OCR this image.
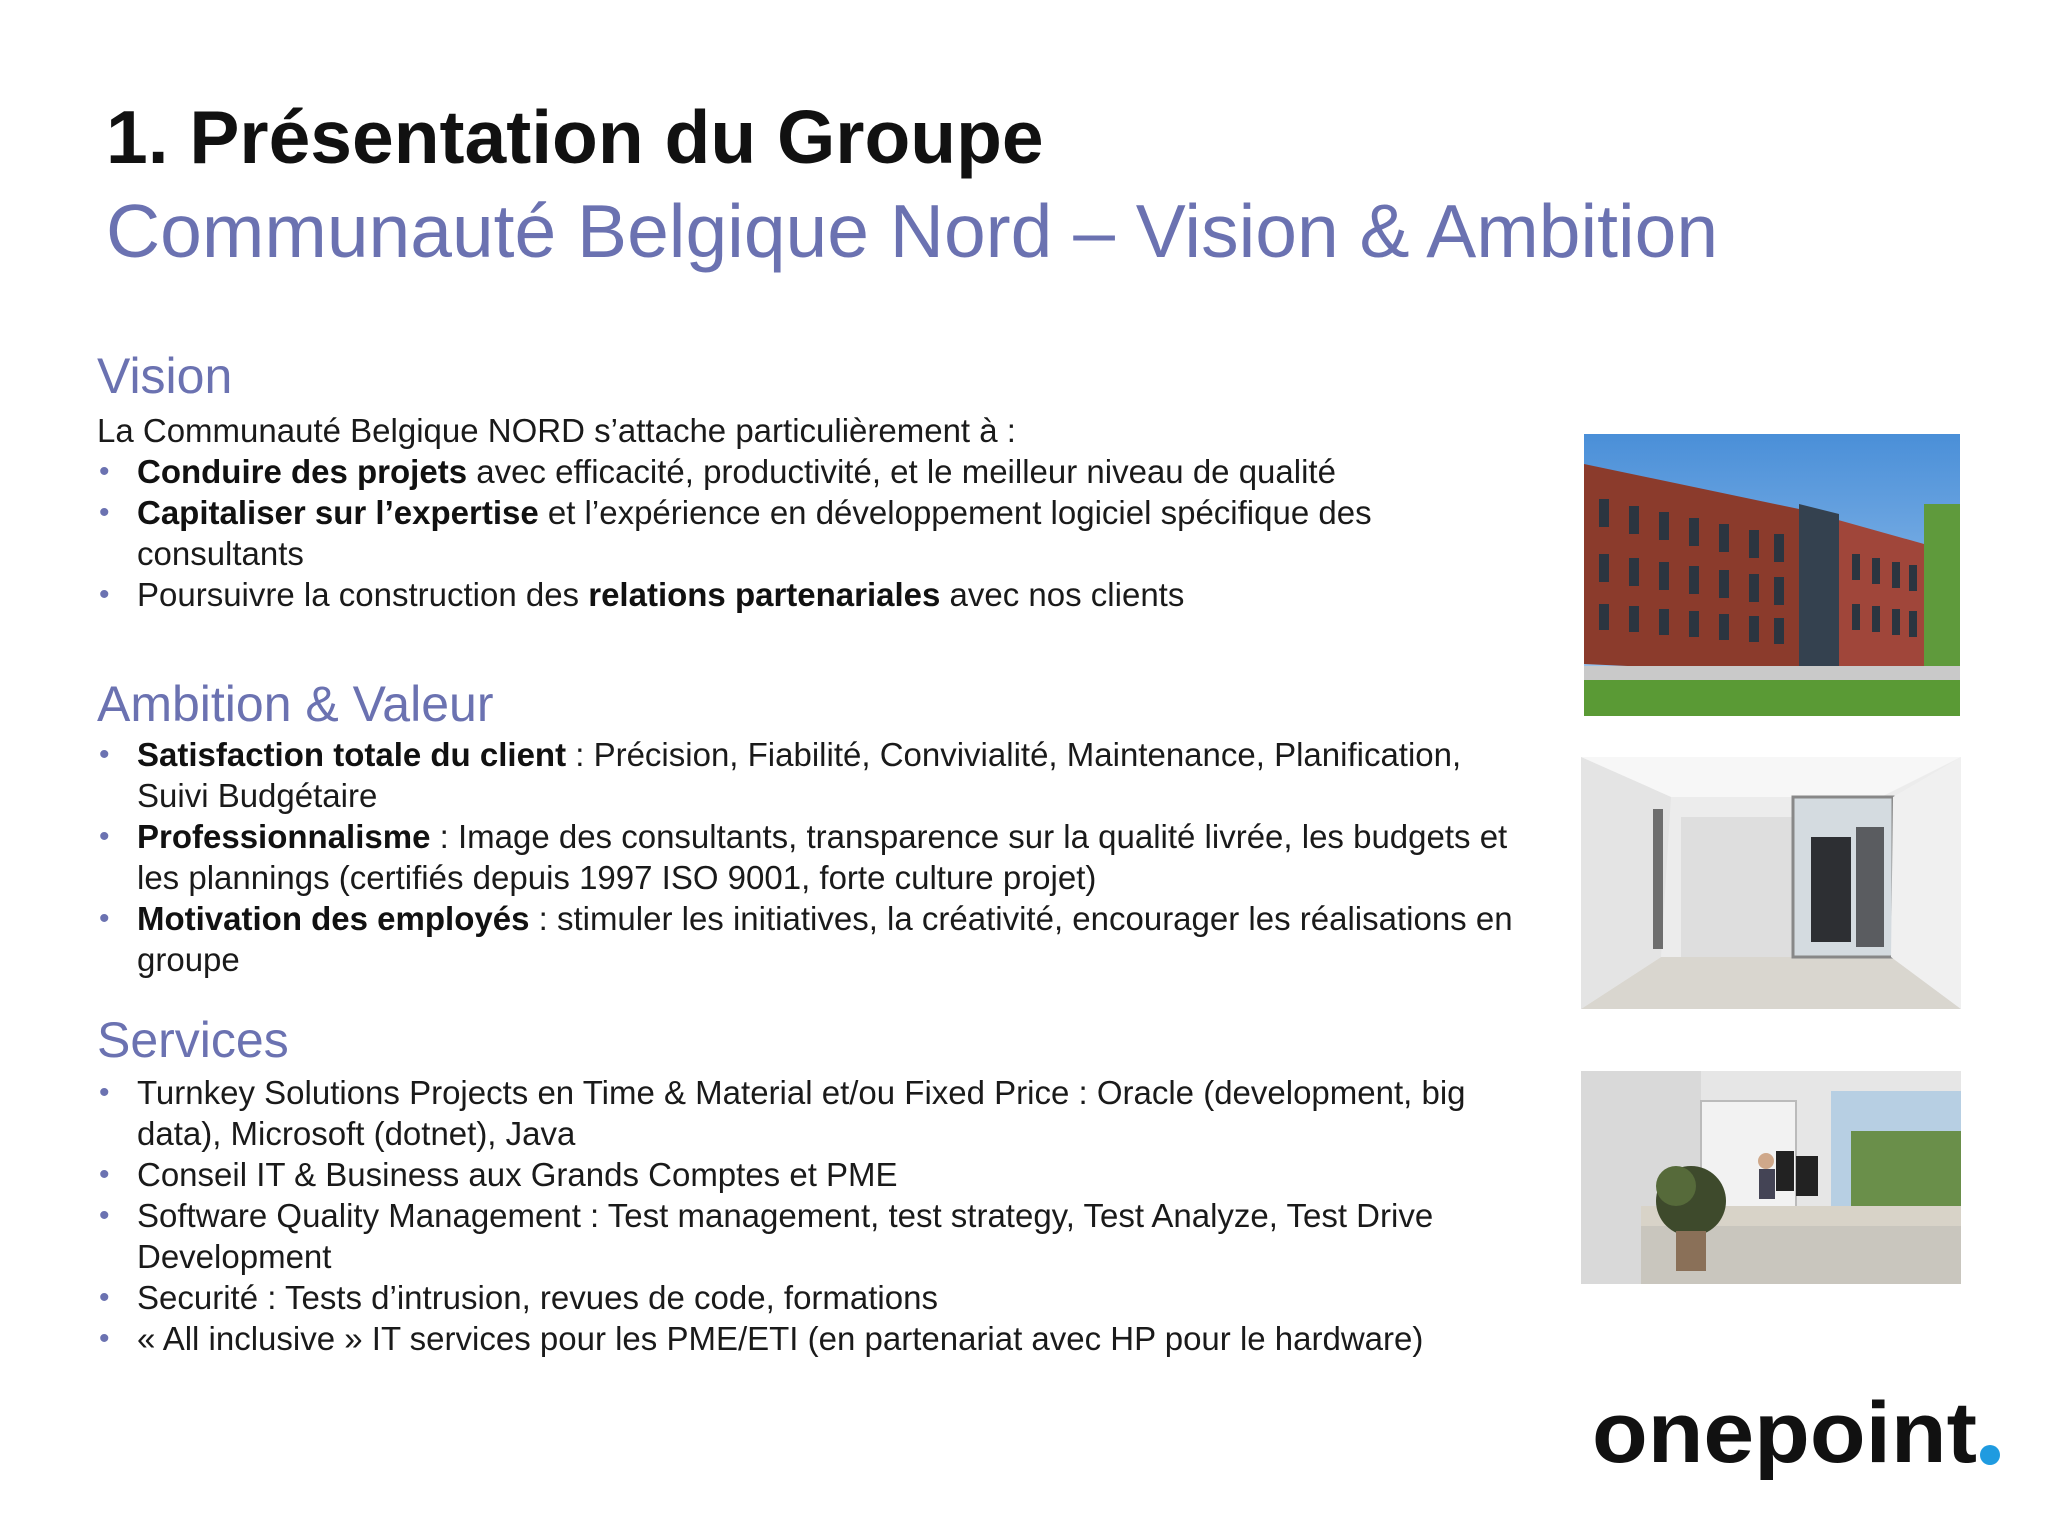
1. Présentation du Groupe
Communauté Belgique Nord – Vision & Ambition
Vision
La Communauté Belgique NORD s’attache particulièrement à :
• Conduire des projets avec efficacité, productivité, et le meilleur niveau de qualité
• Capitaliser sur l’expertise et l’expérience en développement logiciel spécifique des consultants
• Poursuivre la construction des relations partenariales avec nos clients
Ambition & Valeur
• Satisfaction totale du client : Précision, Fiabilité, Convivialité, Maintenance, Planification, Suivi Budgétaire
• Professionnalisme : Image des consultants, transparence sur la qualité livrée, les budgets et les plannings (certifiés depuis 1997 ISO 9001, forte culture projet)
• Motivation des employés : stimuler les initiatives, la créativité, encourager les réalisations en groupe
Services
• Turnkey Solutions Projects en Time & Material et/ou Fixed Price : Oracle (development, big data), Microsoft (dotnet), Java
• Conseil IT & Business aux Grands Comptes et PME
• Software Quality Management : Test management, test strategy, Test Analyze, Test Drive Development
• Securité : Tests d’intrusion, revues de code, formations
• « All inclusive » IT services pour les PME/ETI (en partenariat avec HP pour le hardware)
onepoint
